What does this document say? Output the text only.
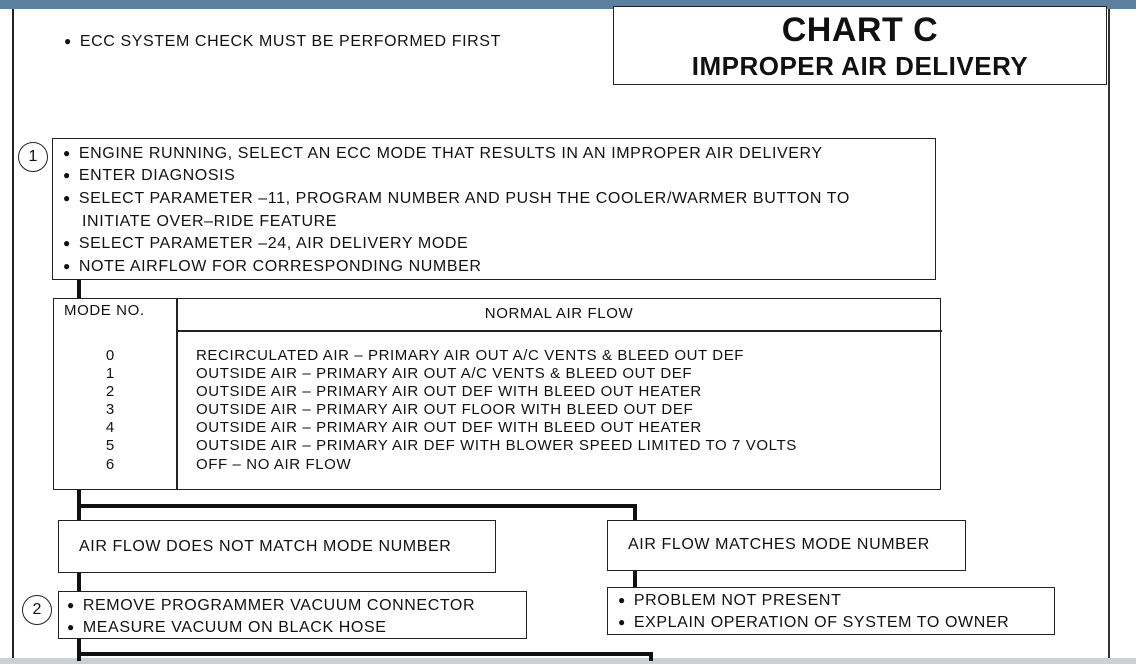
CHART C
IMPROPER AIR DELIVERY
● ECC SYSTEM CHECK MUST BE PERFORMED FIRST
1	● ENGINE RUNNING, SELECT AN ECC MODE THAT RESULTS IN AN IMPROPER AIR DELIVERY
● ENTER DIAGNOSIS
● SELECT PARAMETER –11, PROGRAM NUMBER AND PUSH THE COOLER/WARMER BUTTON TO
INITIATE OVER–RIDE FEATURE
● SELECT PARAMETER –24, AIR DELIVERY MODE
● NOTE AIRFLOW FOR CORRESPONDING NUMBER
MODE NO.	NORMAL AIR FLOW
0	RECIRCULATED AIR – PRIMARY AIR OUT A/C VENTS & BLEED OUT DEF
1	OUTSIDE AIR – PRIMARY AIR OUT A/C VENTS & BLEED OUT DEF
2	OUTSIDE AIR – PRIMARY AIR OUT DEF WITH BLEED OUT HEATER
3	OUTSIDE AIR – PRIMARY AIR OUT FLOOR WITH BLEED OUT DEF
4	OUTSIDE AIR – PRIMARY AIR OUT DEF WITH BLEED OUT HEATER
5	OUTSIDE AIR – PRIMARY AIR DEF WITH BLOWER SPEED LIMITED TO 7 VOLTS
6	OFF – NO AIR FLOW
AIR FLOW DOES NOT MATCH MODE NUMBER	AIR FLOW MATCHES MODE NUMBER
2	● REMOVE PROGRAMMER VACUUM CONNECTOR
● MEASURE VACUUM ON BLACK HOSE
● PROBLEM NOT PRESENT
● EXPLAIN OPERATION OF SYSTEM TO OWNER
